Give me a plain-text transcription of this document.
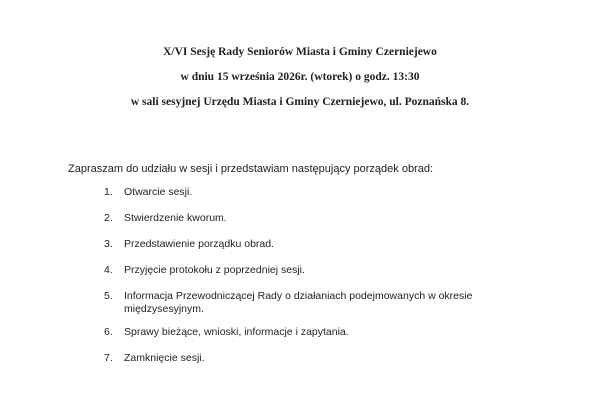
X/VI Sesję Rady Seniorów Miasta i Gminy Czerniejewo
w dniu 15 września 2026r. (wtorek) o godz. 13:30
w sali sesyjnej Urzędu Miasta i Gminy Czerniejewo, ul. Poznańska 8.
Zapraszam do udziału w sesji i przedstawiam następujący porządek obrad:
1.	Otwarcie sesji.
2.	Stwierdzenie kworum.
3.	Przedstawienie porządku obrad.
4.	Przyjęcie protokołu z poprzedniej sesji.
5.	Informacja Przewodniczącej Rady o działaniach podejmowanych w okresie międzysesyjnym.
6.	Sprawy bieżące, wnioski, informacje i zapytania.
7.	Zamknięcie sesji.
